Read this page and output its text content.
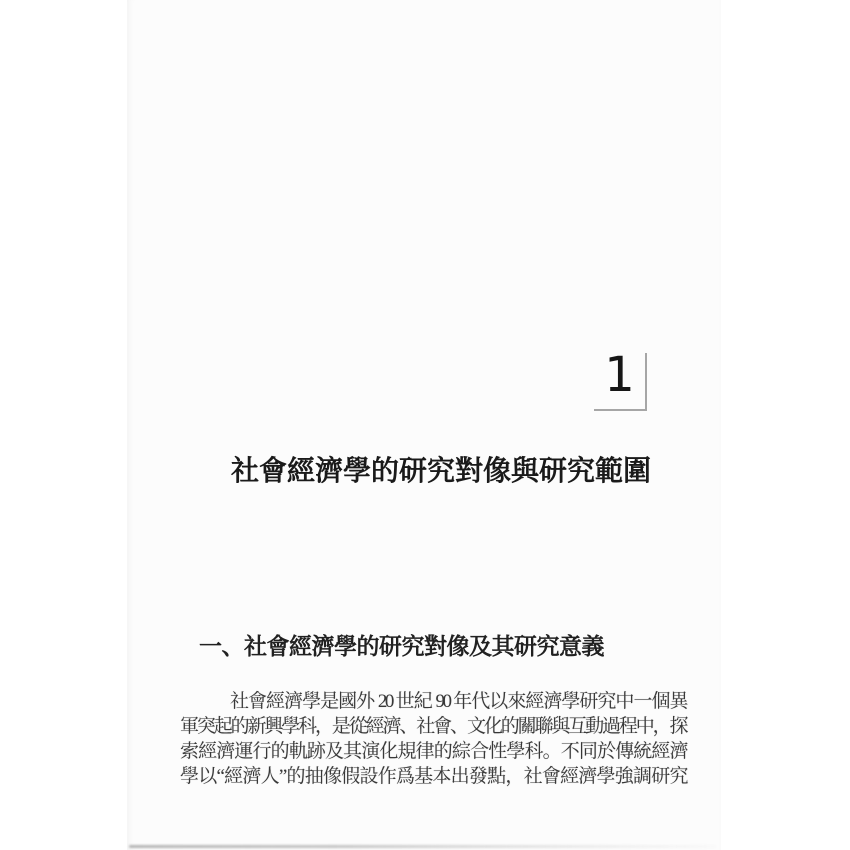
1
社會經濟學的研究對像與研究範圍
一、社會經濟學的研究對像及其研究意義
社會經濟學是國外 20 世紀 90 年代以來經濟學研究中一個異
軍突起的新興學科，是從經濟、社會、文化的關聯與互動過程中，探
索經濟運行的軌跡及其演化規律的綜合性學科。不同於傳統經濟
學以“經濟人”的抽像假設作爲基本出發點，社會經濟學強調研究
